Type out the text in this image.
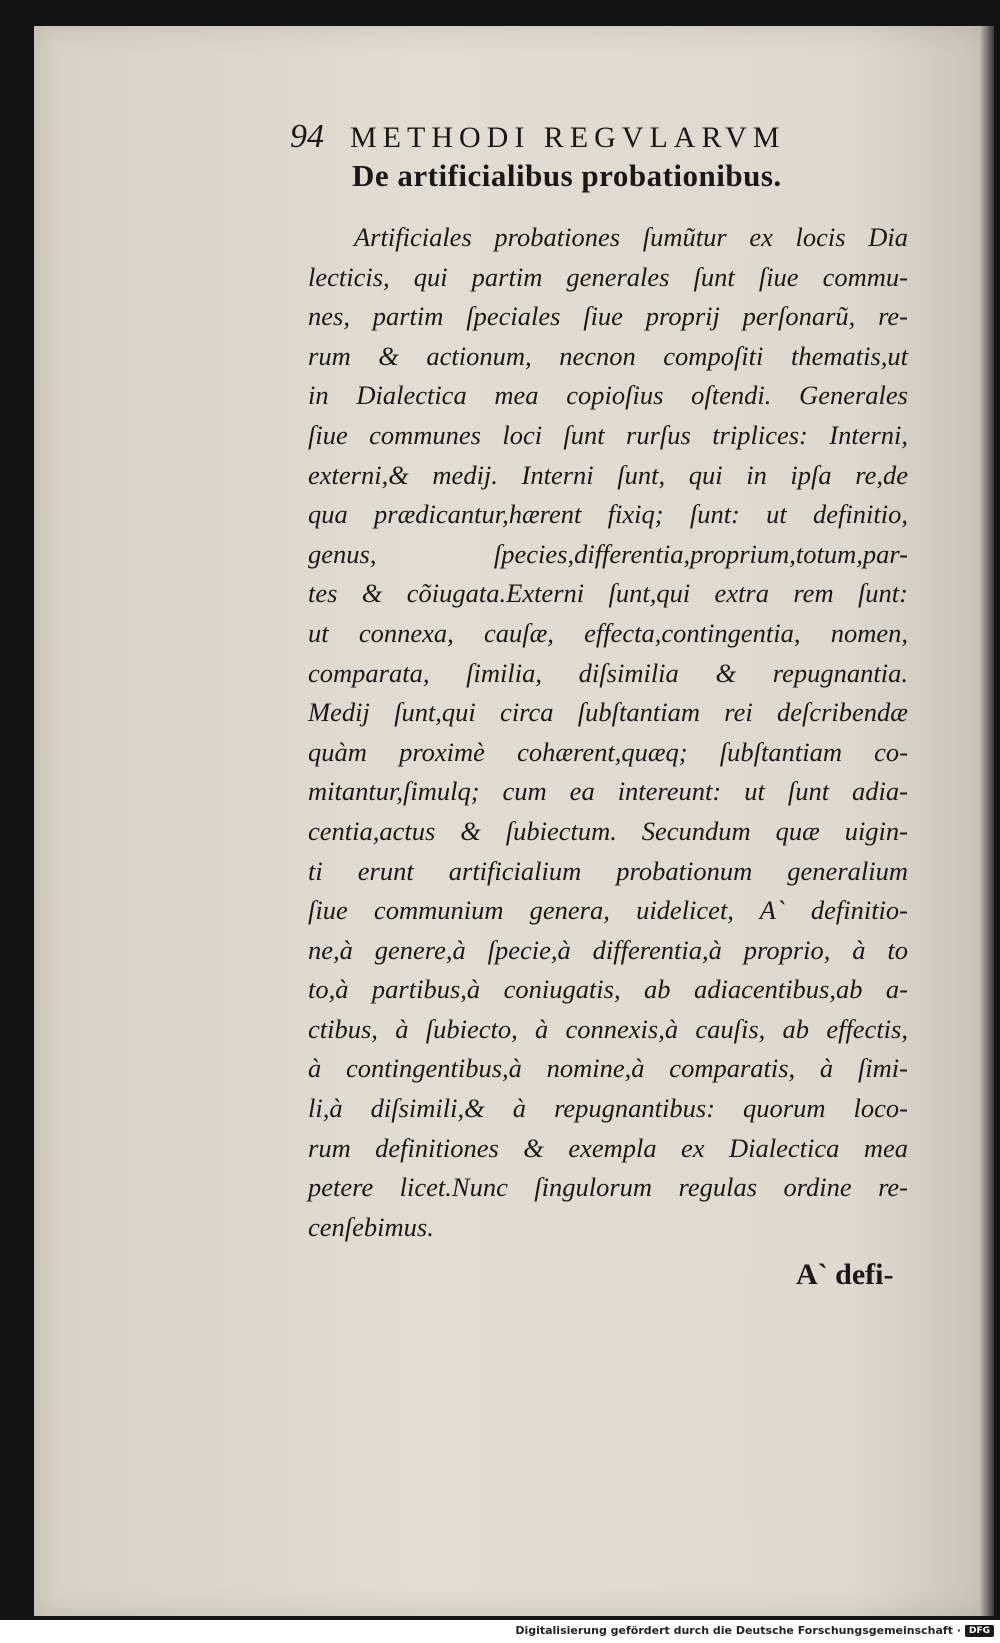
94 METHODI REGVLARVM
De artificialibus probationibus.
Artificiales probationes ſumũtur ex locis Dia
lecticis, qui partim generales ſunt ſiue commu-
nes, partim ſpeciales ſiue proprij perſonarũ, re-
rum & actionum, necnon compoſiti thematis,ut
in Dialectica mea copioſius oſtendi. Generales
ſiue communes loci ſunt rurſus triplices: Interni,
externi,& medij. Interni ſunt, qui in ipſa re,de
qua prædicantur,hærent fixiq; ſunt: ut definitio,
genus, ſpecies,differentia,proprium,totum,par-
tes & cõiugata.Externi ſunt,qui extra rem ſunt:
ut connexa, cauſæ, effecta,contingentia, nomen,
comparata, ſimilia, diſsimilia & repugnantia.
Medij ſunt,qui circa ſubſtantiam rei deſcribendæ
quàm proximè cohærent,quæq; ſubſtantiam co-
mitantur,ſimulq; cum ea intereunt: ut ſunt adia-
centia,actus & ſubiectum. Secundum quæ uigin-
ti erunt artificialium probationum generalium
ſiue communium genera, uidelicet, A` definitio-
ne,à genere,à ſpecie,à differentia,à proprio, à to
to,à partibus,à coniugatis, ab adiacentibus,ab a-
ctibus, à ſubiecto, à connexis,à cauſis, ab effectis,
à contingentibus,à nomine,à comparatis, à ſimi-
li,à diſsimili,& à repugnantibus: quorum loco-
rum definitiones & exempla ex Dialectica mea
petere licet.Nunc ſingulorum regulas ordine re-
cenſebimus.
A` defi-
Digitalisierung gefördert durch die Deutsche Forschungsgemeinschaft · DFG
